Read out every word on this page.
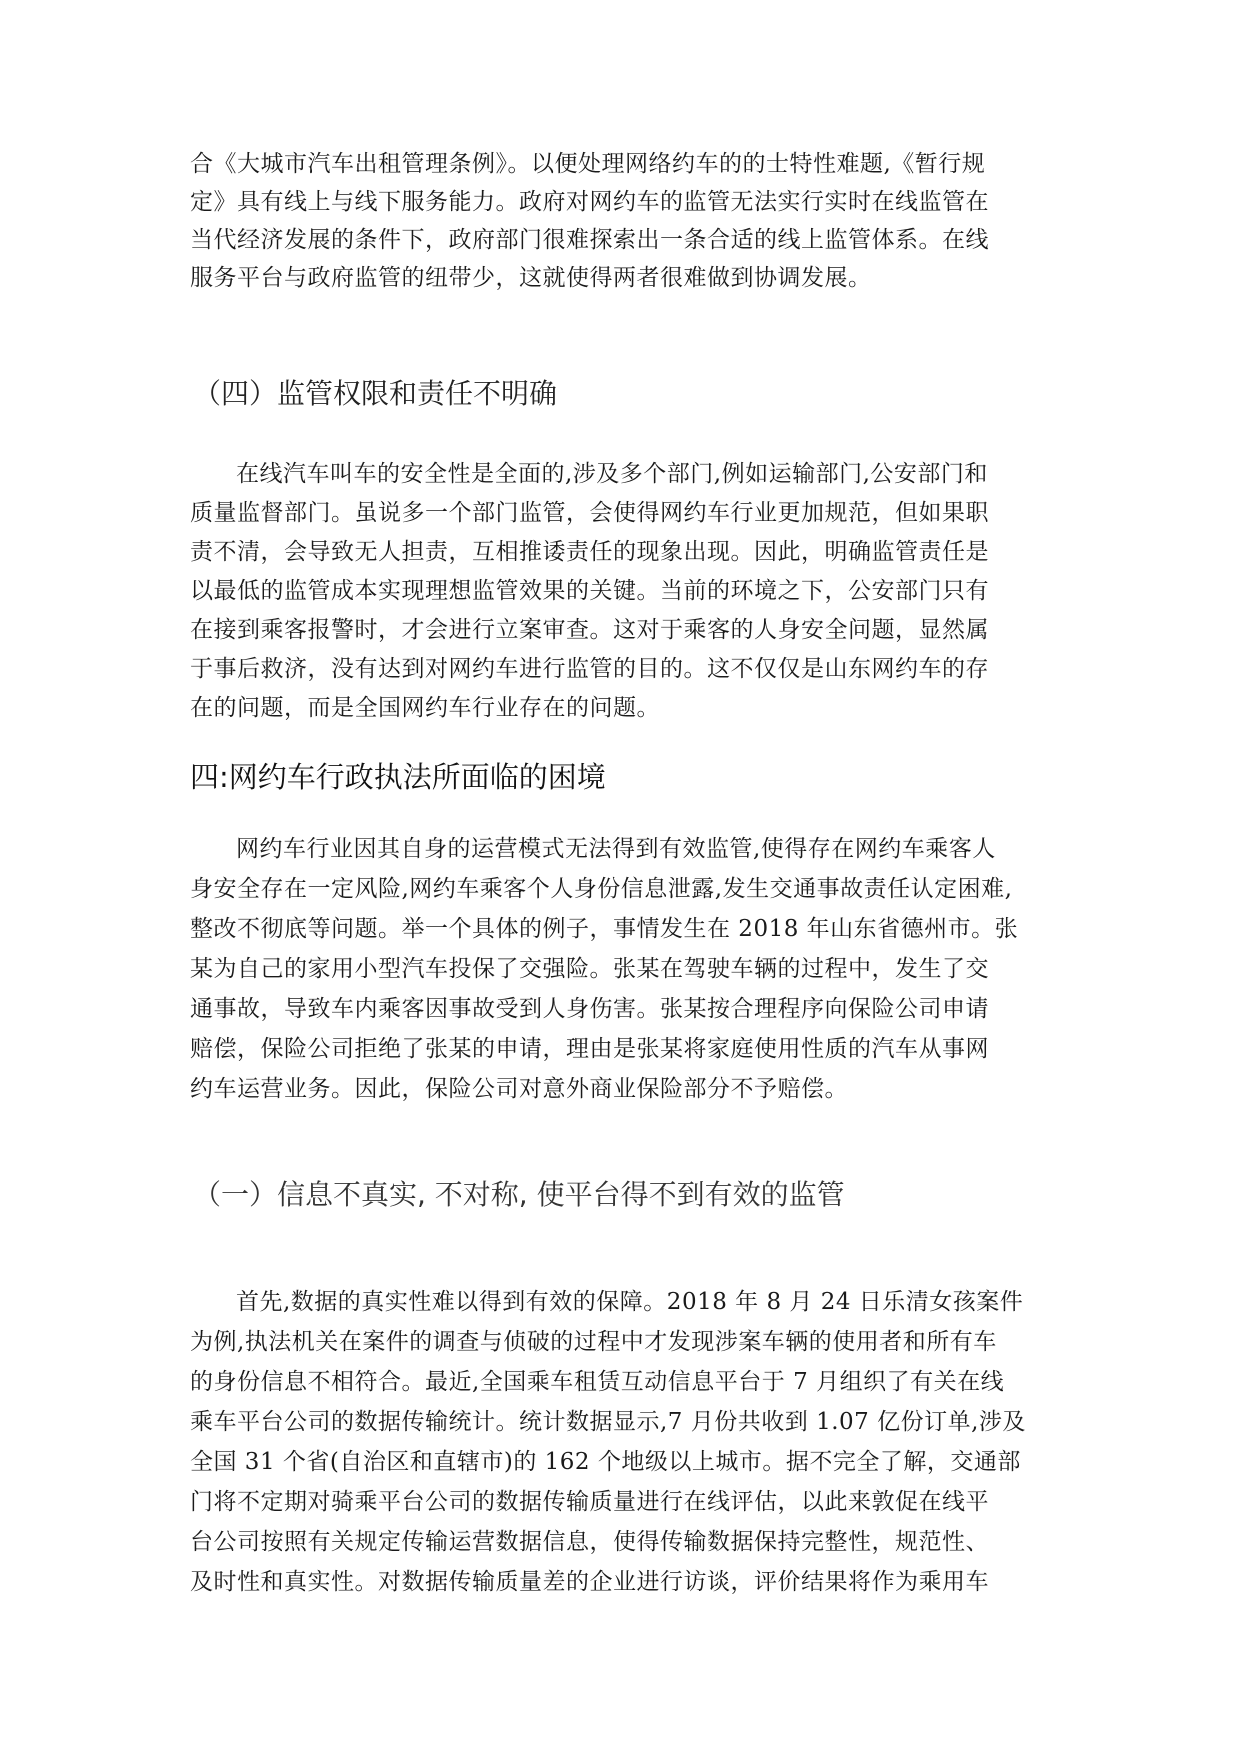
合《大城市汽车出租管理条例》。以便处理网络约车的的士特性难题,《暂行规
定》具有线上与线下服务能力。政府对网约车的监管无法实行实时在线监管在
当代经济发展的条件下，政府部门很难探索出一条合适的线上监管体系。在线
服务平台与政府监管的纽带少，这就使得两者很难做到协调发展。
（四）监管权限和责任不明确
在线汽车叫车的安全性是全面的,涉及多个部门,例如运输部门,公安部门和
质量监督部门。虽说多一个部门监管，会使得网约车行业更加规范，但如果职
责不清，会导致无人担责，互相推诿责任的现象出现。因此，明确监管责任是
以最低的监管成本实现理想监管效果的关键。当前的环境之下，公安部门只有
在接到乘客报警时，才会进行立案审查。这对于乘客的人身安全问题，显然属
于事后救济，没有达到对网约车进行监管的目的。这不仅仅是山东网约车的存
在的问题，而是全国网约车行业存在的问题。
四:网约车行政执法所面临的困境
网约车行业因其自身的运营模式无法得到有效监管,使得存在网约车乘客人
身安全存在一定风险,网约车乘客个人身份信息泄露,发生交通事故责任认定困难,
整改不彻底等问题。举一个具体的例子，事情发生在 2018 年山东省德州市。张
某为自己的家用小型汽车投保了交强险。张某在驾驶车辆的过程中，发生了交
通事故，导致车内乘客因事故受到人身伤害。张某按合理程序向保险公司申请
赔偿，保险公司拒绝了张某的申请，理由是张某将家庭使用性质的汽车从事网
约车运营业务。因此，保险公司对意外商业保险部分不予赔偿。
（一）信息不真实, 不对称, 使平台得不到有效的监管
首先,数据的真实性难以得到有效的保障。2018 年 8 月 24 日乐清女孩案件
为例,执法机关在案件的调查与侦破的过程中才发现涉案车辆的使用者和所有车
的身份信息不相符合。最近,全国乘车租赁互动信息平台于 7 月组织了有关在线
乘车平台公司的数据传输统计。统计数据显示,7 月份共收到 1.07 亿份订单,涉及
全国 31 个省(自治区和直辖市)的 162 个地级以上城市。据不完全了解，交通部
门将不定期对骑乘平台公司的数据传输质量进行在线评估，以此来敦促在线平
台公司按照有关规定传输运营数据信息，使得传输数据保持完整性，规范性、
及时性和真实性。对数据传输质量差的企业进行访谈，评价结果将作为乘用车
